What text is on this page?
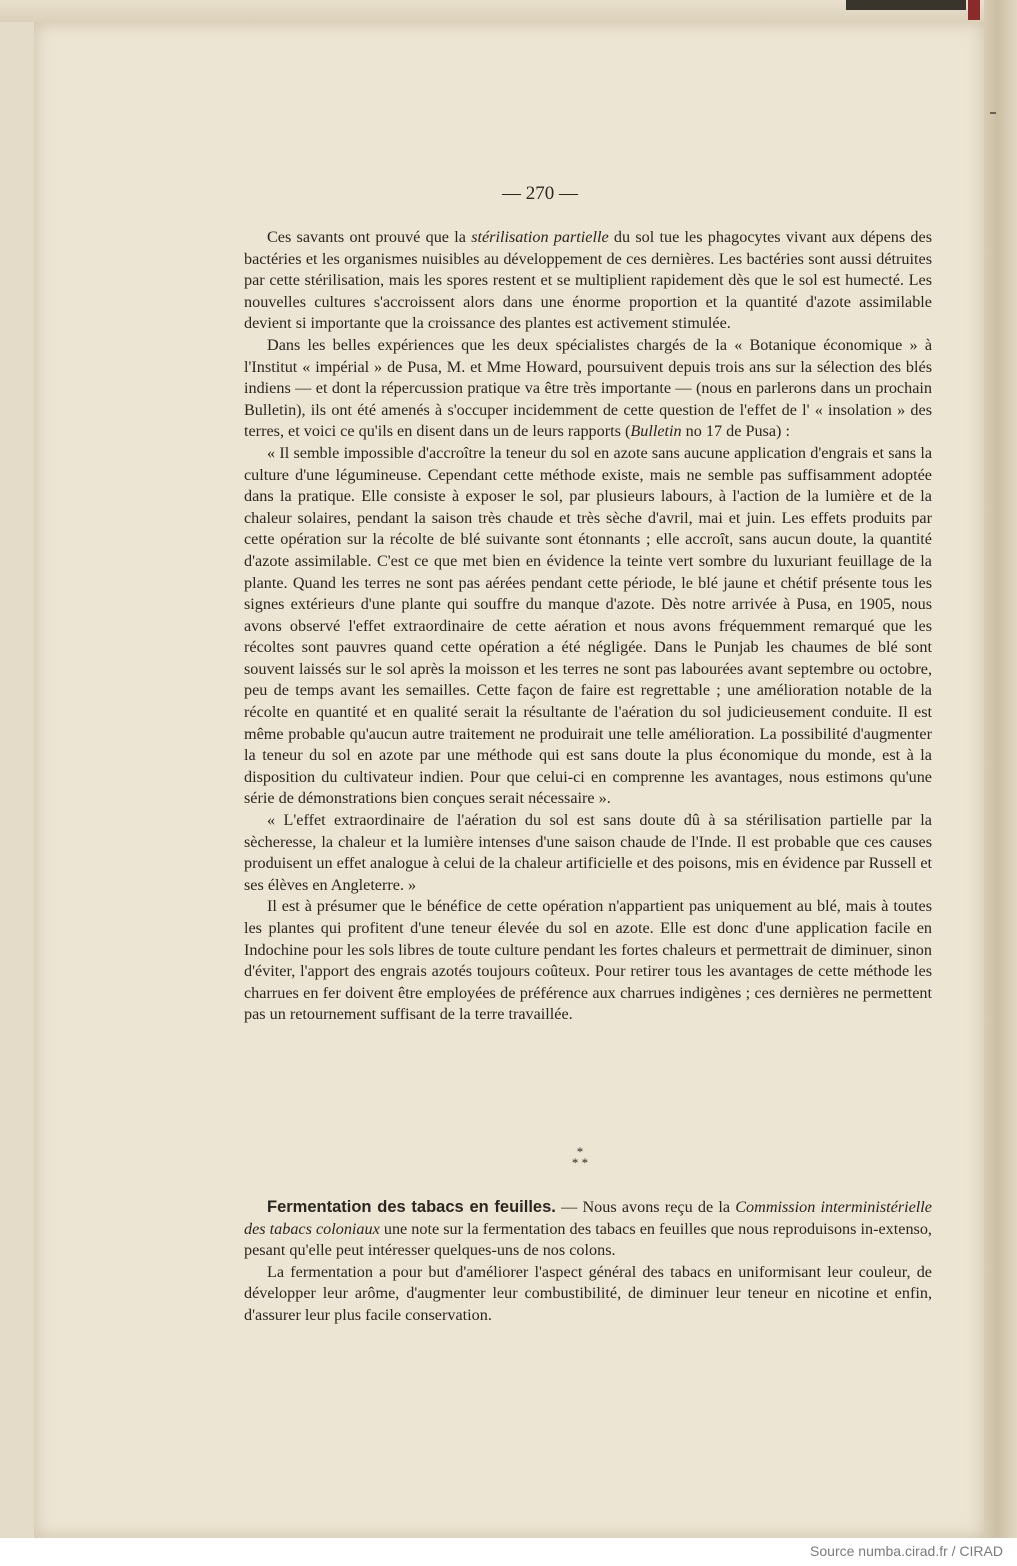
— 270 —

Ces savants ont prouvé que la stérilisation partielle du sol tue les phagocytes vivant aux dépens des bactéries et les organismes nuisibles au développement de ces dernières. Les bactéries sont aussi détruites par cette stérilisation, mais les spores restent et se multiplient rapidement dès que le sol est humecté. Les nouvelles cultures s'accroissent alors dans une énorme proportion et la quantité d'azote assimilable devient si importante que la croissance des plantes est activement stimulée.

Dans les belles expériences que les deux spécialistes chargés de la « Botanique économique » à l'Institut « impérial » de Pusa, M. et Mme Howard, poursuivent depuis trois ans sur la sélection des blés indiens — et dont la répercussion pratique va être très importante — (nous en parlerons dans un prochain Bulletin), ils ont été amenés à s'occuper incidemment de cette question de l'effet de l' « insolation » des terres, et voici ce qu'ils en disent dans un de leurs rapports (Bulletin no 17 de Pusa) :

« Il semble impossible d'accroître la teneur du sol en azote sans aucune application d'engrais et sans la culture d'une légumineuse. Cependant cette méthode existe, mais ne semble pas suffisamment adoptée dans la pratique. Elle consiste à exposer le sol, par plusieurs labours, à l'action de la lumière et de la chaleur solaires, pendant la saison très chaude et très sèche d'avril, mai et juin. Les effets produits par cette opération sur la récolte de blé suivante sont étonnants ; elle accroît, sans aucun doute, la quantité d'azote assimilable. C'est ce que met bien en évidence la teinte vert sombre du luxuriant feuillage de la plante. Quand les terres ne sont pas aérées pendant cette période, le blé jaune et chétif présente tous les signes extérieurs d'une plante qui souffre du manque d'azote. Dès notre arrivée à Pusa, en 1905, nous avons observé l'effet extraordinaire de cette aération et nous avons fréquemment remarqué que les récoltes sont pauvres quand cette opération a été négligée. Dans le Punjab les chaumes de blé sont souvent laissés sur le sol après la moisson et les terres ne sont pas labourées avant septembre ou octobre, peu de temps avant les semailles. Cette façon de faire est regrettable ; une amélioration notable de la récolte en quantité et en qualité serait la résultante de l'aération du sol judicieusement conduite. Il est même probable qu'aucun autre traitement ne produirait une telle amélioration. La possibilité d'augmenter la teneur du sol en azote par une méthode qui est sans doute la plus économique du monde, est à la disposition du cultivateur indien. Pour que celui-ci en comprenne les avantages, nous estimons qu'une série de démonstrations bien conçues serait nécessaire ».

« L'effet extraordinaire de l'aération du sol est sans doute dû à sa stérilisation partielle par la sècheresse, la chaleur et la lumière intenses d'une saison chaude de l'Inde. Il est probable que ces causes produisent un effet analogue à celui de la chaleur artificielle et des poisons, mis en évidence par Russell et ses élèves en Angleterre. »

Il est à présumer que le bénéfice de cette opération n'appartient pas uniquement au blé, mais à toutes les plantes qui profitent d'une teneur élevée du sol en azote. Elle est donc d'une application facile en Indochine pour les sols libres de toute culture pendant les fortes chaleurs et permettrait de diminuer, sinon d'éviter, l'apport des engrais azotés toujours coûteux. Pour retirer tous les avantages de cette méthode les charrues en fer doivent être employées de préférence aux charrues indigènes ; ces dernières ne permettent pas un retournement suffisant de la terre travaillée.

*
* *

Fermentation des tabacs en feuilles. — Nous avons reçu de la Commission interministérielle des tabacs coloniaux une note sur la fermentation des tabacs en feuilles que nous reproduisons in-extenso, pesant qu'elle peut intéresser quelques-uns de nos colons.

La fermentation a pour but d'améliorer l'aspect général des tabacs en uniformisant leur couleur, de développer leur arôme, d'augmenter leur combustibilité, de diminuer leur teneur en nicotine et enfin, d'assurer leur plus facile conservation.

Source numba.cirad.fr / CIRAD
